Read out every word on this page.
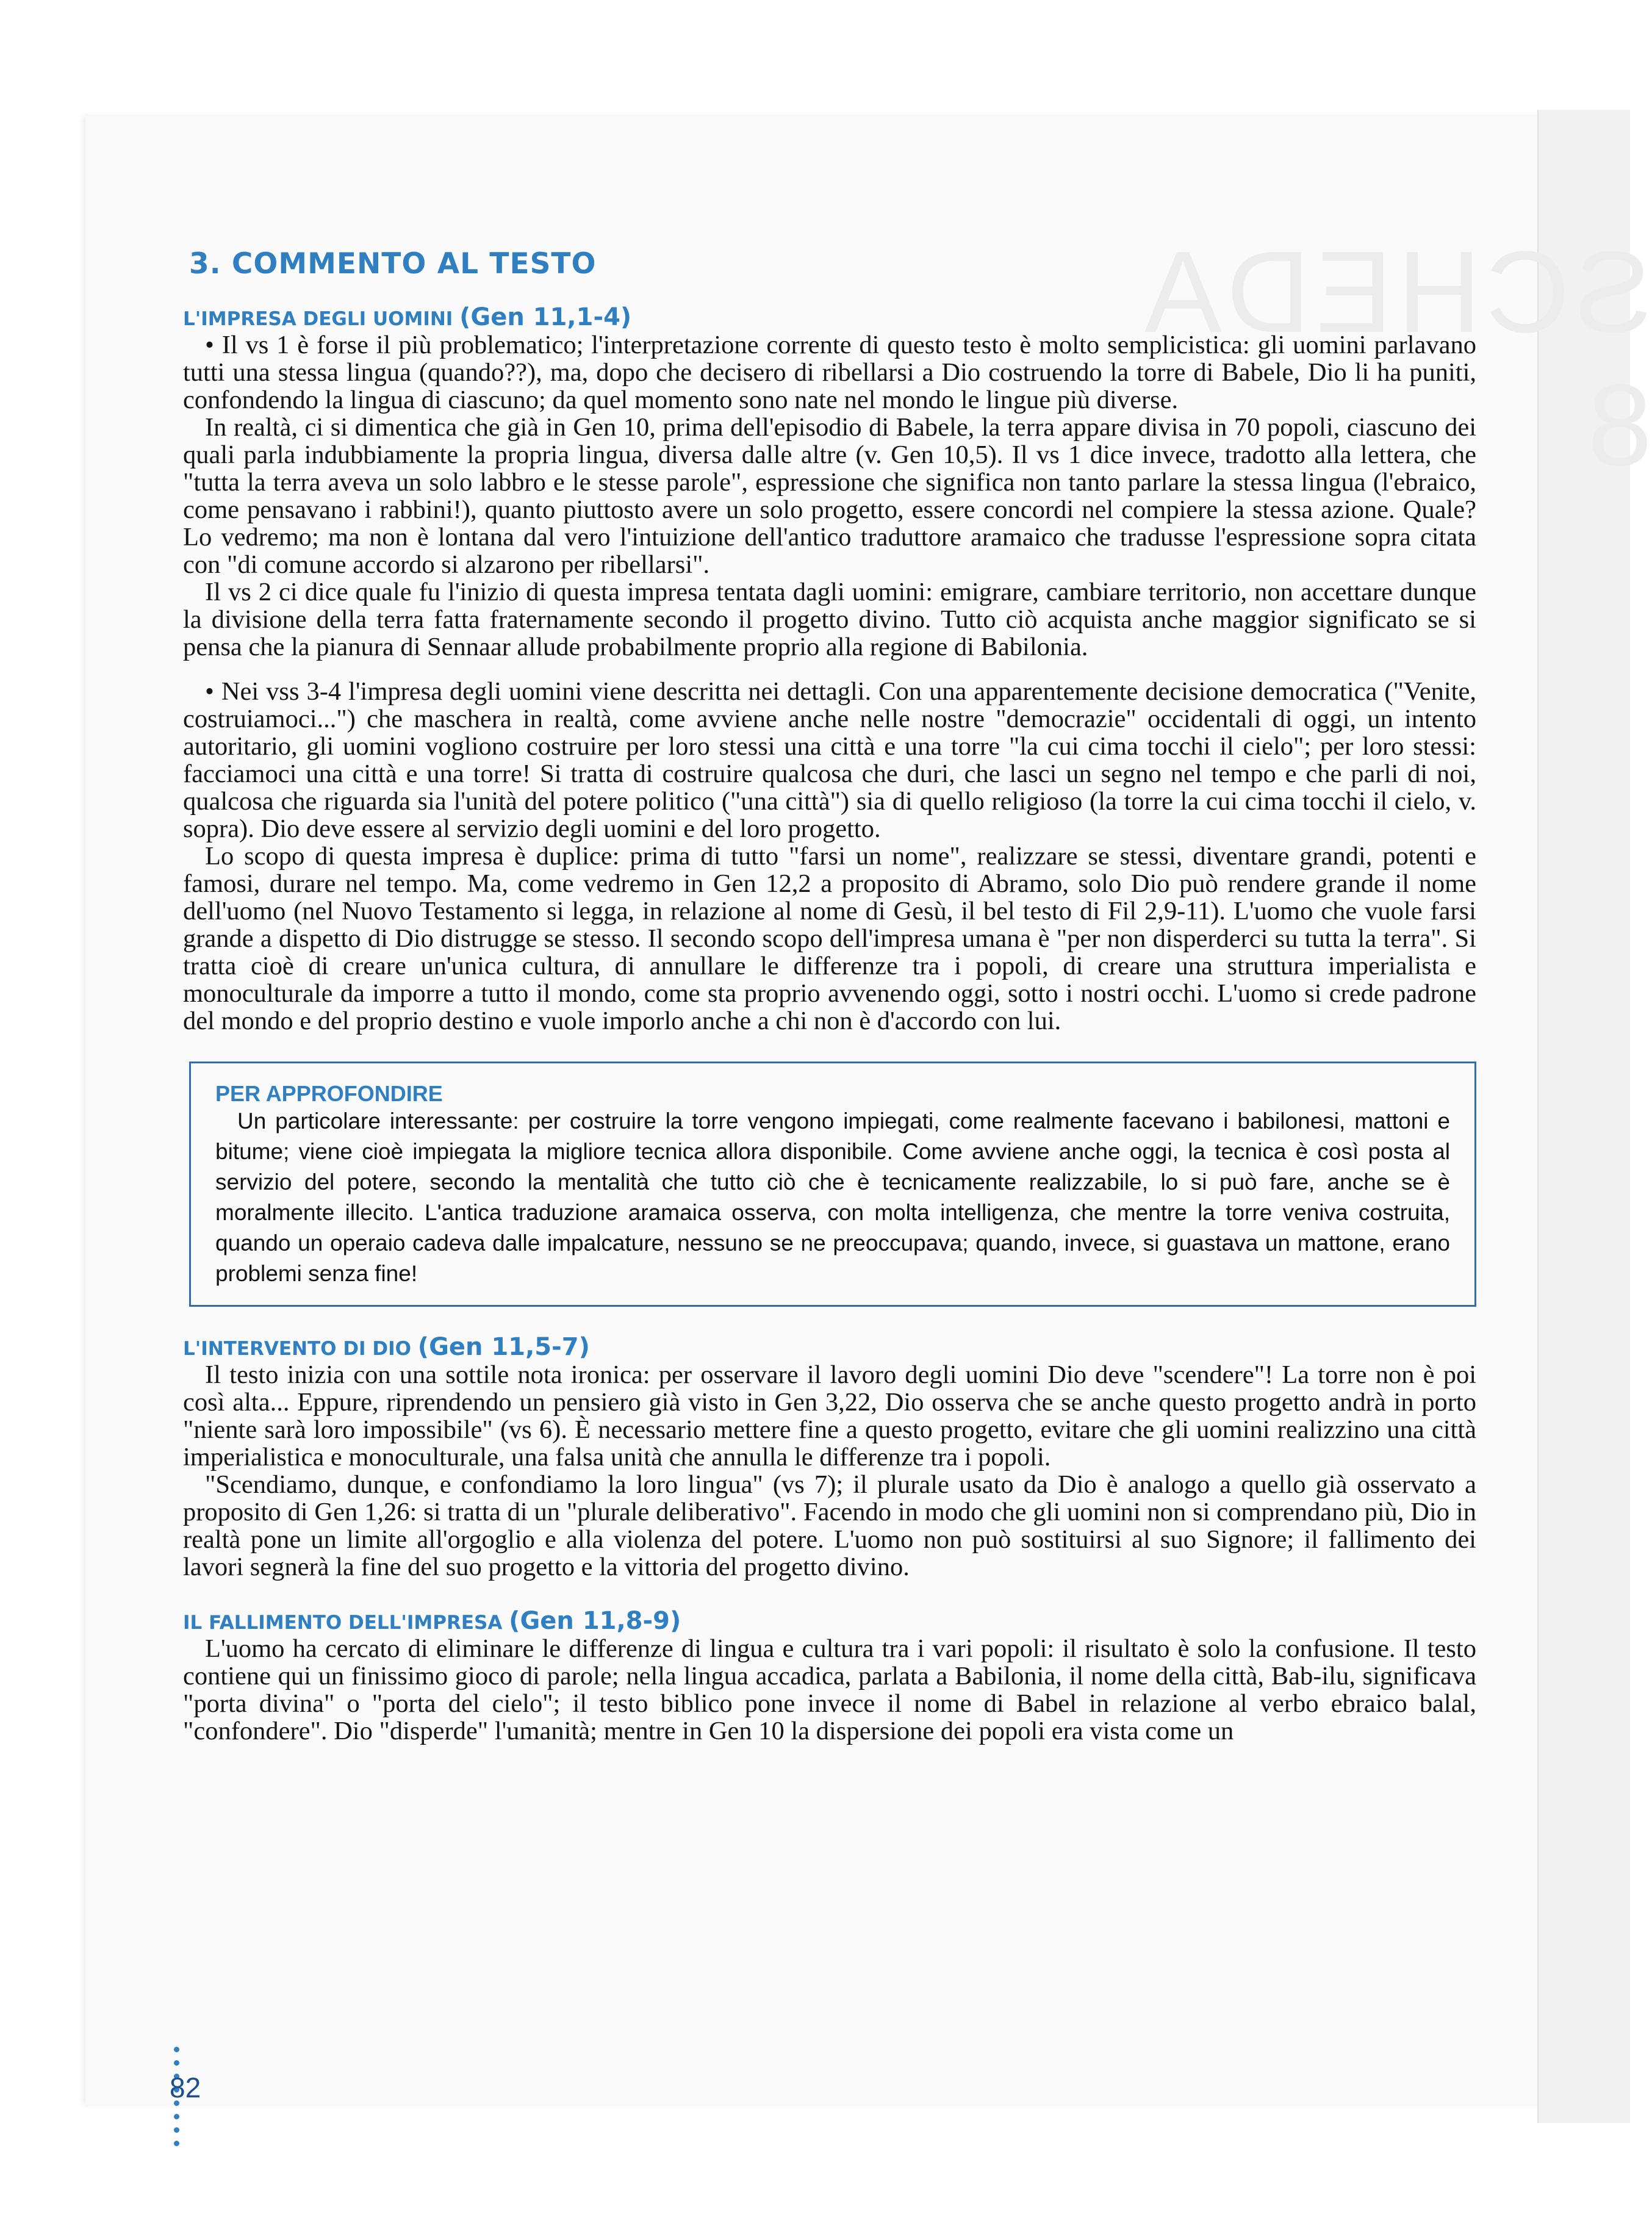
SCHEDA 8
3. COMMENTO AL TESTO
L'IMPRESA DEGLI UOMINI (Gen 11,1-4)

• Il vs 1 è forse il più problematico; l'interpretazione corrente di questo testo è molto semplicistica: gli uomini parlavano tutti una stessa lingua (quando??), ma, dopo che decisero di ribellarsi a Dio costruendo la torre di Babele, Dio li ha puniti, confondendo la lingua di ciascuno; da quel momento sono nate nel mondo le lingue più diverse.

In realtà, ci si dimentica che già in Gen 10, prima dell'episodio di Babele, la terra appare divisa in 70 popoli, ciascuno dei quali parla indubbiamente la propria lingua, diversa dalle altre (v. Gen 10,5). Il vs 1 dice invece, tradotto alla lettera, che "tutta la terra aveva un solo labbro e le stesse parole", espressione che significa non tanto parlare la stessa lingua (l'ebraico, come pensavano i rabbini!), quanto piuttosto avere un solo progetto, essere concordi nel compiere la stessa azione. Quale? Lo vedremo; ma non è lontana dal vero l'intuizione dell'antico traduttore aramaico che tradusse l'espressione sopra citata con "di comune accordo si alzarono per ribellarsi".

Il vs 2 ci dice quale fu l'inizio di questa impresa tentata dagli uomini: emigrare, cambiare territorio, non accettare dunque la divisione della terra fatta fraternamente secondo il progetto divino. Tutto ciò acquista anche maggior significato se si pensa che la pianura di Sennaar allude probabilmente proprio alla regione di Babilonia.

• Nei vss 3-4 l'impresa degli uomini viene descritta nei dettagli. Con una apparentemente decisione democratica ("Venite, costruiamoci...") che maschera in realtà, come avviene anche nelle nostre "democrazie" occidentali di oggi, un intento autoritario, gli uomini vogliono costruire per loro stessi una città e una torre "la cui cima tocchi il cielo"; per loro stessi: facciamoci una città e una torre! Si tratta di costruire qualcosa che duri, che lasci un segno nel tempo e che parli di noi, qualcosa che riguarda sia l'unità del potere politico ("una città") sia di quello religioso (la torre la cui cima tocchi il cielo, v. sopra). Dio deve essere al servizio degli uomini e del loro progetto.

Lo scopo di questa impresa è duplice: prima di tutto "farsi un nome", realizzare se stessi, diventare grandi, potenti e famosi, durare nel tempo. Ma, come vedremo in Gen 12,2 a proposito di Abramo, solo Dio può rendere grande il nome dell'uomo (nel Nuovo Testamento si legga, in relazione al nome di Gesù, il bel testo di Fil 2,9-11). L'uomo che vuole farsi grande a dispetto di Dio distrugge se stesso. Il secondo scopo dell'impresa umana è "per non disperderci su tutta la terra". Si tratta cioè di creare un'unica cultura, di annullare le differenze tra i popoli, di creare una struttura imperialista e monoculturale da imporre a tutto il mondo, come sta proprio avvenendo oggi, sotto i nostri occhi. L'uomo si crede padrone del mondo e del proprio destino e vuole imporlo anche a chi non è d'accordo con lui.

PER APPROFONDIRE

Un particolare interessante: per costruire la torre vengono impiegati, come realmente facevano i babilonesi, mattoni e bitume; viene cioè impiegata la migliore tecnica allora disponibile. Come avviene anche oggi, la tecnica è così posta al servizio del potere, secondo la mentalità che tutto ciò che è tecnicamente realizzabile, lo si può fare, anche se è moralmente illecito. L'antica traduzione aramaica osserva, con molta intelligenza, che mentre la torre veniva costruita, quando un operaio cadeva dalle impalcature, nessuno se ne preoccupava; quando, invece, si guastava un mattone, erano problemi senza fine!

L'INTERVENTO DI DIO (Gen 11,5-7)

Il testo inizia con una sottile nota ironica: per osservare il lavoro degli uomini Dio deve "scendere"! La torre non è poi così alta... Eppure, riprendendo un pensiero già visto in Gen 3,22, Dio osserva che se anche questo progetto andrà in porto "niente sarà loro impossibile" (vs 6). È necessario mettere fine a questo progetto, evitare che gli uomini realizzino una città imperialistica e monoculturale, una falsa unità che annulla le differenze tra i popoli.

"Scendiamo, dunque, e confondiamo la loro lingua" (vs 7); il plurale usato da Dio è analogo a quello già osservato a proposito di Gen 1,26: si tratta di un "plurale deliberativo". Facendo in modo che gli uomini non si comprendano più, Dio in realtà pone un limite all'orgoglio e alla violenza del potere. L'uomo non può sostituirsi al suo Signore; il fallimento dei lavori segnerà la fine del suo progetto e la vittoria del progetto divino.

IL FALLIMENTO DELL'IMPRESA (Gen 11,8-9)

L'uomo ha cercato di eliminare le differenze di lingua e cultura tra i vari popoli: il risultato è solo la confusione. Il testo contiene qui un finissimo gioco di parole; nella lingua accadica, parlata a Babilonia, il nome della città, Bab-ilu, significava "porta divina" o "porta del cielo"; il testo biblico pone invece il nome di Babel in relazione al verbo ebraico balal, "confondere". Dio "disperde" l'umanità; mentre in Gen 10 la dispersione dei popoli era vista come un

82
